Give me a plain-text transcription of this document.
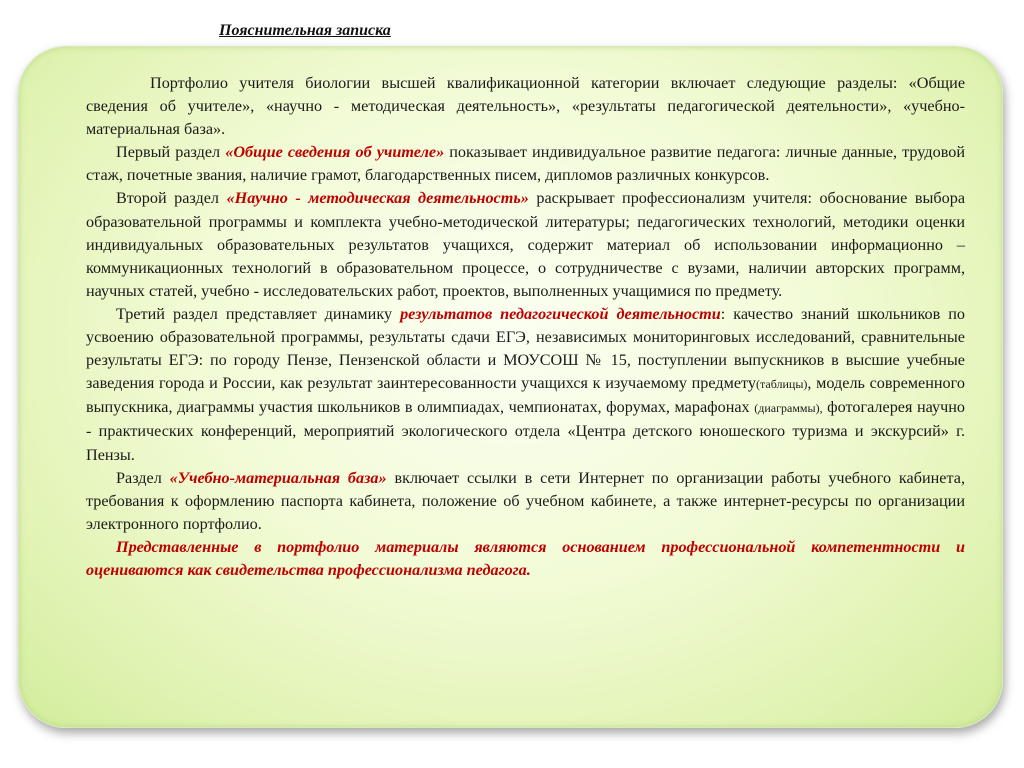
Пояснительная записка

Портфолио учителя биологии высшей квалификационной категории включает следующие разделы: «Общие сведения об учителе», «научно - методическая деятельность», «результаты педагогической деятельности», «учебно- материальная база».

Первый раздел «Общие сведения об учителе» показывает индивидуальное развитие педагога: личные данные, трудовой стаж, почетные звания, наличие грамот, благодарственных писем, дипломов различных конкурсов.

Второй раздел «Научно - методическая деятельность» раскрывает профессионализм учителя: обоснование выбора образовательной программы и комплекта учебно-методической литературы; педагогических технологий, методики оценки индивидуальных образовательных результатов учащихся, содержит материал об использовании информационно – коммуникационных технологий в образовательном процессе, о сотрудничестве с вузами, наличии авторских программ, научных статей, учебно - исследовательских работ, проектов, выполненных учащимися по предмету.

Третий раздел представляет динамику результатов педагогической деятельности: качество знаний школьников по усвоению образовательной программы, результаты сдачи ЕГЭ, независимых мониторинговых исследований, сравнительные результаты ЕГЭ: по городу Пензе, Пензенской области и МОУСОШ № 15, поступлении выпускников в высшие учебные заведения города и России, как результат заинтересованности учащихся к изучаемому предмету(таблицы), модель современного выпускника, диаграммы участия школьников в олимпиадах, чемпионатах, форумах, марафонах (диаграммы), фотогалерея научно - практических конференций, мероприятий экологического отдела «Центра детского юношеского туризма и экскурсий» г. Пензы.

Раздел «Учебно-материальная база» включает ссылки в сети Интернет по организации работы учебного кабинета, требования к оформлению паспорта кабинета, положение об учебном кабинете, а также интернет-ресурсы по организации электронного портфолио.

Представленные в портфолио материалы являются основанием профессиональной компетентности и оцениваются как свидетельства профессионализма педагога.
